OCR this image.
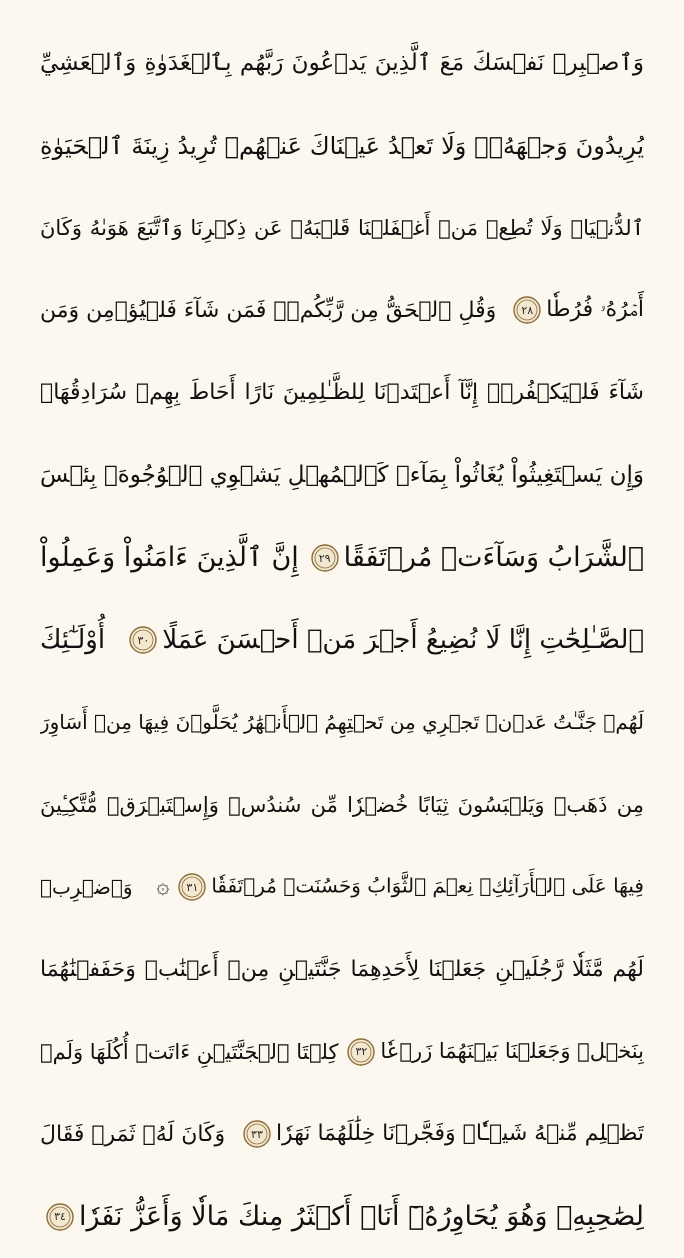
وَٱصۡبِرۡ نَفۡسَكَ مَعَ ٱلَّذِينَ يَدۡعُونَ رَبَّهُم بِٱلۡغَدَوٰةِ وَٱلۡعَشِيِّ
يُرِيدُونَ وَجۡهَهُۥۖ وَلَا تَعۡدُ عَيۡنَاكَ عَنۡهُمۡ تُرِيدُ زِينَةَ ٱلۡحَيَوٰةِ
ٱلدُّنۡيَاۖ وَلَا تُطِعۡ مَنۡ أَغۡفَلۡنَا قَلۡبَهُۥ عَن ذِكۡرِنَا وَٱتَّبَعَ هَوَىٰهُ وَكَانَ
أَمۡرُهُۥ فُرُطٗا
٢٨
وَقُلِ ٱلۡحَقُّ مِن رَّبِّكُمۡۖ فَمَن شَآءَ فَلۡيُؤۡمِن وَمَن
شَآءَ فَلۡيَكۡفُرۡۚ إِنَّآ أَعۡتَدۡنَا لِلظَّـٰلِمِينَ نَارًا أَحَاطَ بِهِمۡ سُرَادِقُهَاۚ
وَإِن يَسۡتَغِيثُواْ يُغَاثُواْ بِمَآءٖ كَٱلۡمُهۡلِ يَشۡوِي ٱلۡوُجُوهَۚ بِئۡسَ
ٱلشَّرَابُ وَسَآءَتۡ مُرۡتَفَقًا
٢٩
إِنَّ ٱلَّذِينَ ءَامَنُواْ وَعَمِلُواْ
ٱلصَّـٰلِحَٰتِ إِنَّا لَا نُضِيعُ أَجۡرَ مَنۡ أَحۡسَنَ عَمَلًا
٣٠
أُوْلَـٰٓئِكَ
لَهُمۡ جَنَّـٰتُ عَدۡنٖ تَجۡرِي مِن تَحۡتِهِمُ ٱلۡأَنۡهَٰرُ يُحَلَّوۡنَ فِيهَا مِنۡ أَسَاوِرَ
مِن ذَهَبٖ وَيَلۡبَسُونَ ثِيَابًا خُضۡرٗا مِّن سُندُسٖ وَإِسۡتَبۡرَقٖ مُّتَّكِـِٔينَ
فِيهَا عَلَى ٱلۡأَرَآئِكِۚ نِعۡمَ ٱلثَّوَابُ وَحَسُنَتۡ مُرۡتَفَقٗا
٣١
۞
وَٱضۡرِبۡ
لَهُم مَّثَلٗا رَّجُلَيۡنِ جَعَلۡنَا لِأَحَدِهِمَا جَنَّتَيۡنِ مِنۡ أَعۡنَٰبٖ وَحَفَفۡنَٰهُمَا
بِنَخۡلٖ وَجَعَلۡنَا بَيۡنَهُمَا زَرۡعٗا
٣٢
كِلۡتَا ٱلۡجَنَّتَيۡنِ ءَاتَتۡ أُكُلَهَا وَلَمۡ
تَظۡلِم مِّنۡهُ شَيۡـٔٗاۚ وَفَجَّرۡنَا خِلَٰلَهُمَا نَهَرٗا
٣٣
وَكَانَ لَهُۥ ثَمَرٞ فَقَالَ
لِصَٰحِبِهِۦ وَهُوَ يُحَاوِرُهُۥٓ أَنَا۠ أَكۡثَرُ مِنكَ مَالٗا وَأَعَزُّ نَفَرٗا
٣٤
